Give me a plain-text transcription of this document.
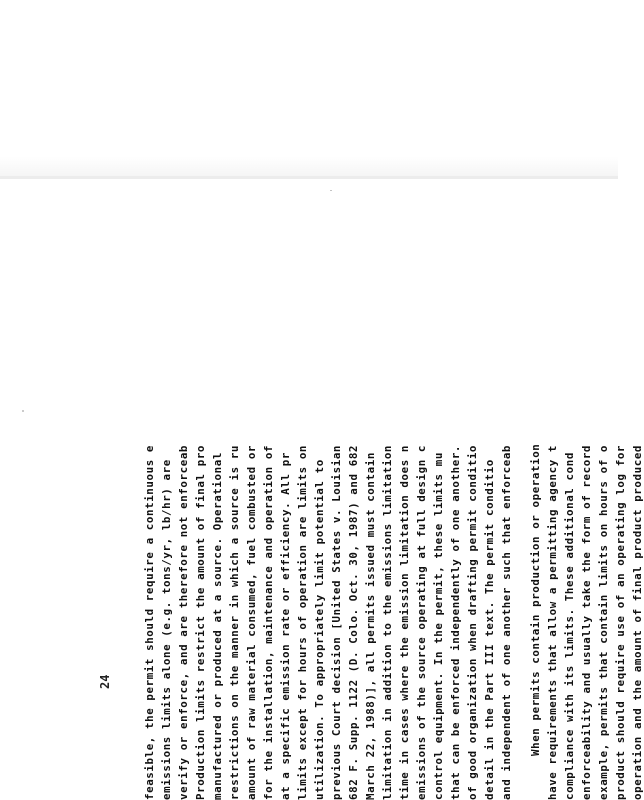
feasible, the permit should require a continuous e emissions limits alone (e.g. tons/yr, lb/hr) are verify or enforce, and are therefore not enforceab Production limits restrict the amount of final pro manufactured or produced at a source. Operational restrictions on the manner in which a source is ru amount of raw material consumed, fuel combusted or for the installation, maintenance and operation of at a specific emission rate or efficiency. All pr limits except for hours of operation are limits on utilization. To appropriately limit potential to previous Court decision [United States v. Louisian 682 F. Supp. 1122 (D. Colo. Oct. 30, 1987) and 682 March 22, 1988)], all permits issued must contain limitation in addition to the emissions limitation time in cases where the emission limitation does n emissions of the source operating at full design c control equipment. In the permit, these limits mu that can be enforced independently of one another. of good organization when drafting permit conditio detail in the Part III text. The permit conditio and independent of one another such that enforceab When permits contain production or operation have requirements that allow a permitting agency t compliance with its limits. These additional cond enforceability and usually take the form of record example, permits that contain limits on hours of o product should require use of an operating log for operation and the amount of final product produced
24
